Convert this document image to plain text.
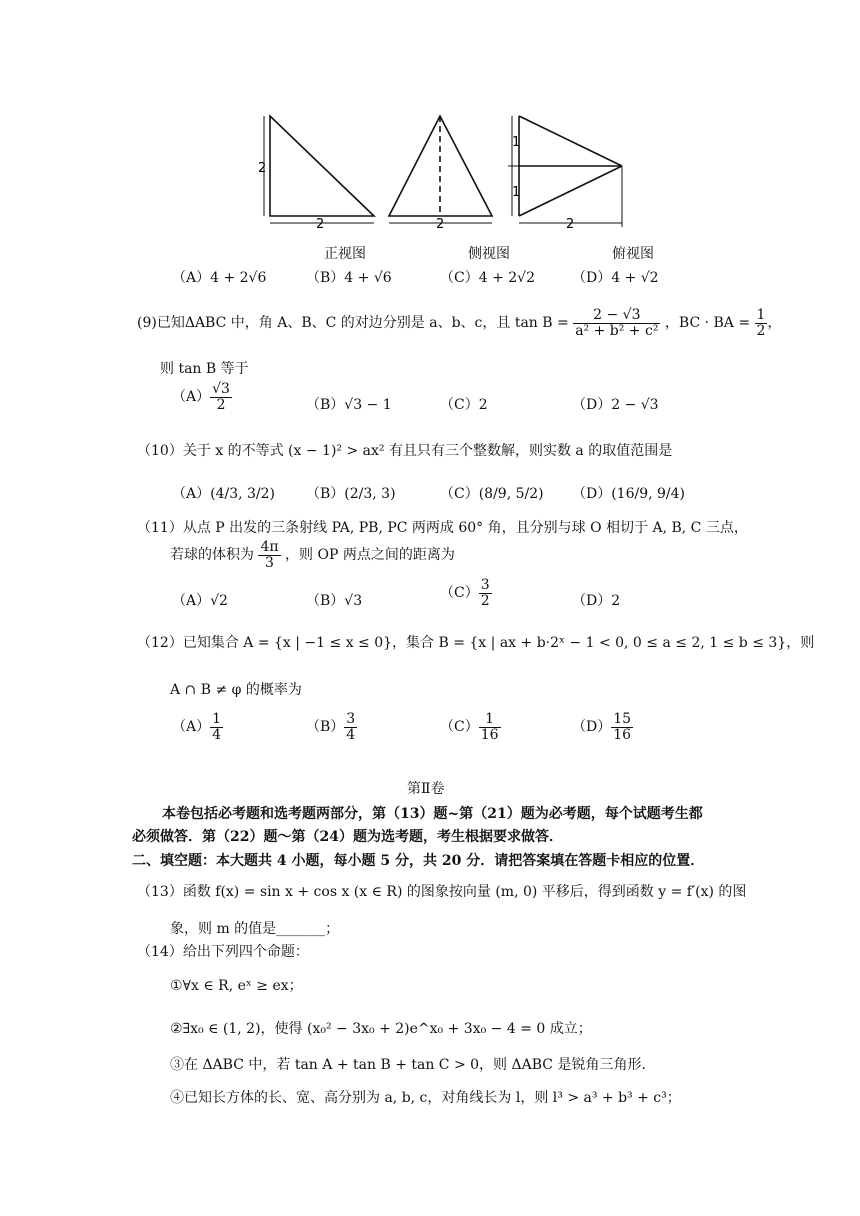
2
2	2
1
1
2
正视图	侧视图	俯视图
（A）4 + 2√6	（B）4 + √6	（C）4 + 2√2	（D）4 + √2
(9)已知ΔABC 中，角 A、B、C 的对边分别是 a、b、c，且 $\tan B = \frac{2 - √3}{\text{a² + b² + c²}}$ ，BC · BA = $\frac{1}{2}$ ，
则 tan B 等于
$(A) \frac{√3}{2}$	（B）√3 − 1	（C）2	（D）2 − √3
（10）关于 x 的不等式 (x − 1)² > ax² 有且只有三个整数解，则实数 a 的取值范围是
（A）(4/3, 3/2) （B）(2/3, 3)	（C）(8/9, 5/2) （D）(16/9, 9/4)
（11）从点 P 出发的三条射线 PA, PB, PC 两两成 60° 角，且分别与球 O 相切于 A, B, C 三点，
若球的体积为 $\frac{4\pi}{3}$ ，则 OP 两点之间的距离为
（A）√2	（B）√3	$(C) \frac{3}{2}$	（D）2
（12）已知集合 A = {x | −1 ≤ x ≤ 0}，集合 B = {x | ax + b·2ˣ − 1 < 0, 0 ≤ a ≤ 2, 1 ≤ b ≤ 3}，则
A ∩ B ≠ φ 的概率为
$(A) \frac{1}{4}$	$(B) \frac{3}{4}$	$(C) \frac{1}{16}$	$(D) \frac{15}{16}$
第Ⅱ卷
本卷包括必考题和选考题两部分，第（13）题~第（21）题为必考题，每个试题考生都
必须做答．第（22）题～第（24）题为选考题，考生根据要求做答．
二、填空题：本大题共 4 小题，每小题 5 分，共 20 分．请把答案填在答题卡相应的位置．
（13）函数 f(x) = sin x + cos x (x ∈ R) 的图象按向量 (m, 0) 平移后，得到函数 y = f′(x) 的图
象，则 m 的值是_______；
（14）给出下列四个命题：
①∀x ∈ R, eˣ ≥ ex；
②∃x₀ ∈ (1, 2)，使得 (x₀² − 3x₀ + 2)e^x₀ + 3x₀ − 4 = 0 成立；
③在 ΔABC 中，若 tan A + tan B + tan C > 0，则 ΔABC 是锐角三角形.
④已知长方体的长、宽、高分别为 a, b, c，对角线长为 l，则 l³ > a³ + b³ + c³；
